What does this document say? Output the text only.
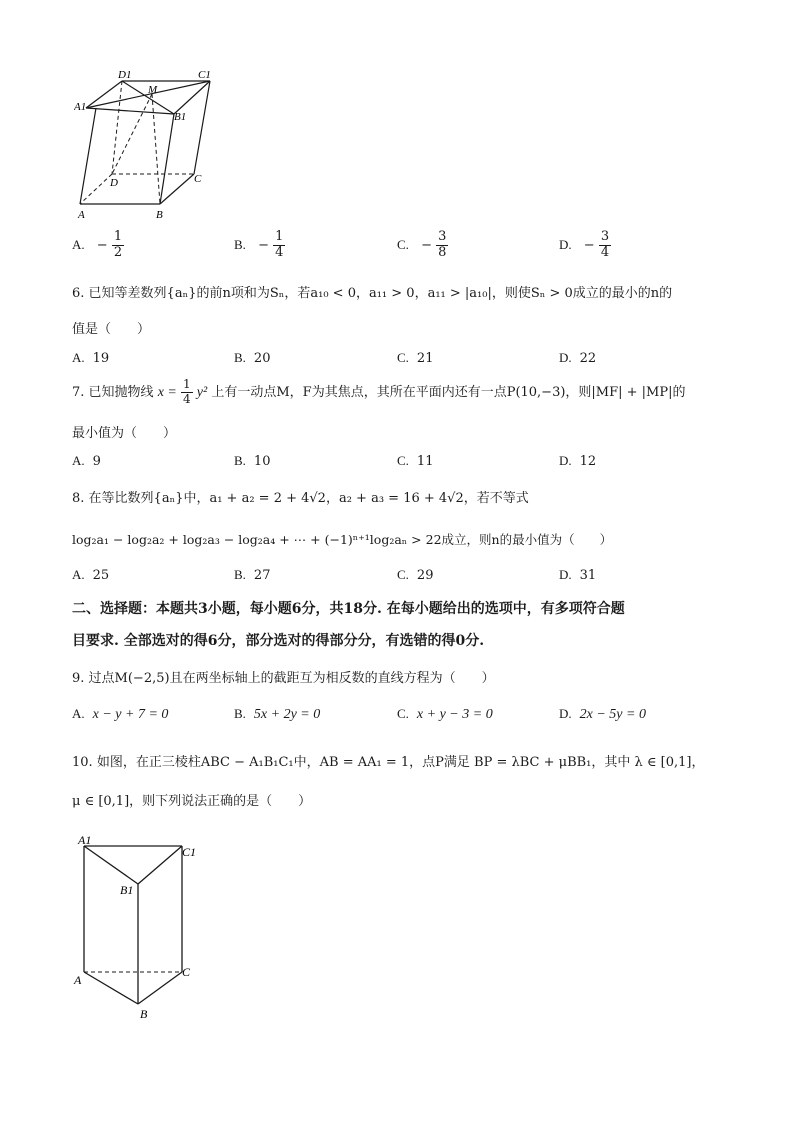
D1	C1
M
A1
B1
D	C
A	B
A. − $\frac{1}{2}$	B. − $\frac{1}{4}$	C. − $\frac{3}{8}$	D. − $\frac{3}{4}$
6. 已知等差数列{aₙ}的前n项和为Sₙ，若a₁₀ < 0，a₁₁ > 0，a₁₁ > |a₁₀|，则使Sₙ > 0成立的最小的n的
值是（　　）
A. 19	B. 20	C. 21	D. 22
7. 已知抛物线 $x = \frac{1}{4} y^2$ 上有一动点M，F为其焦点，其所在平面内还有一点P(10,−3)，则|MF| + |MP|的
最小值为（　　）
A. 9	B. 10	C. 11	D. 12
8. 在等比数列{aₙ}中，a₁ + a₂ = 2 + 4√2，a₂ + a₃ = 16 + 4√2，若不等式
log₂a₁ − log₂a₂ + log₂a₃ − log₂a₄ + ⋯ + (−1)ⁿ⁺¹log₂aₙ > 22成立，则n的最小值为（　　）
A. 25	B. 27	C. 29	D. 31
二、选择题：本题共3小题，每小题6分，共18分. 在每小题给出的选项中，有多项符合题
目要求. 全部选对的得6分，部分选对的得部分分，有选错的得0分.
9. 过点M(−2,5)且在两坐标轴上的截距互为相反数的直线方程为（　　）
A. x − y + 7 = 0	B. 5x + 2y = 0	C. x + y − 3 = 0	D. 2x − 5y = 0
10. 如图，在正三棱柱ABC − A₁B₁C₁中，AB = AA₁ = 1，点P满足 BP = λBC + μBB₁，其中 λ ∈ [0,1]，
μ ∈ [0,1]，则下列说法正确的是（　　）
A1
C1
B1
A
C
B
